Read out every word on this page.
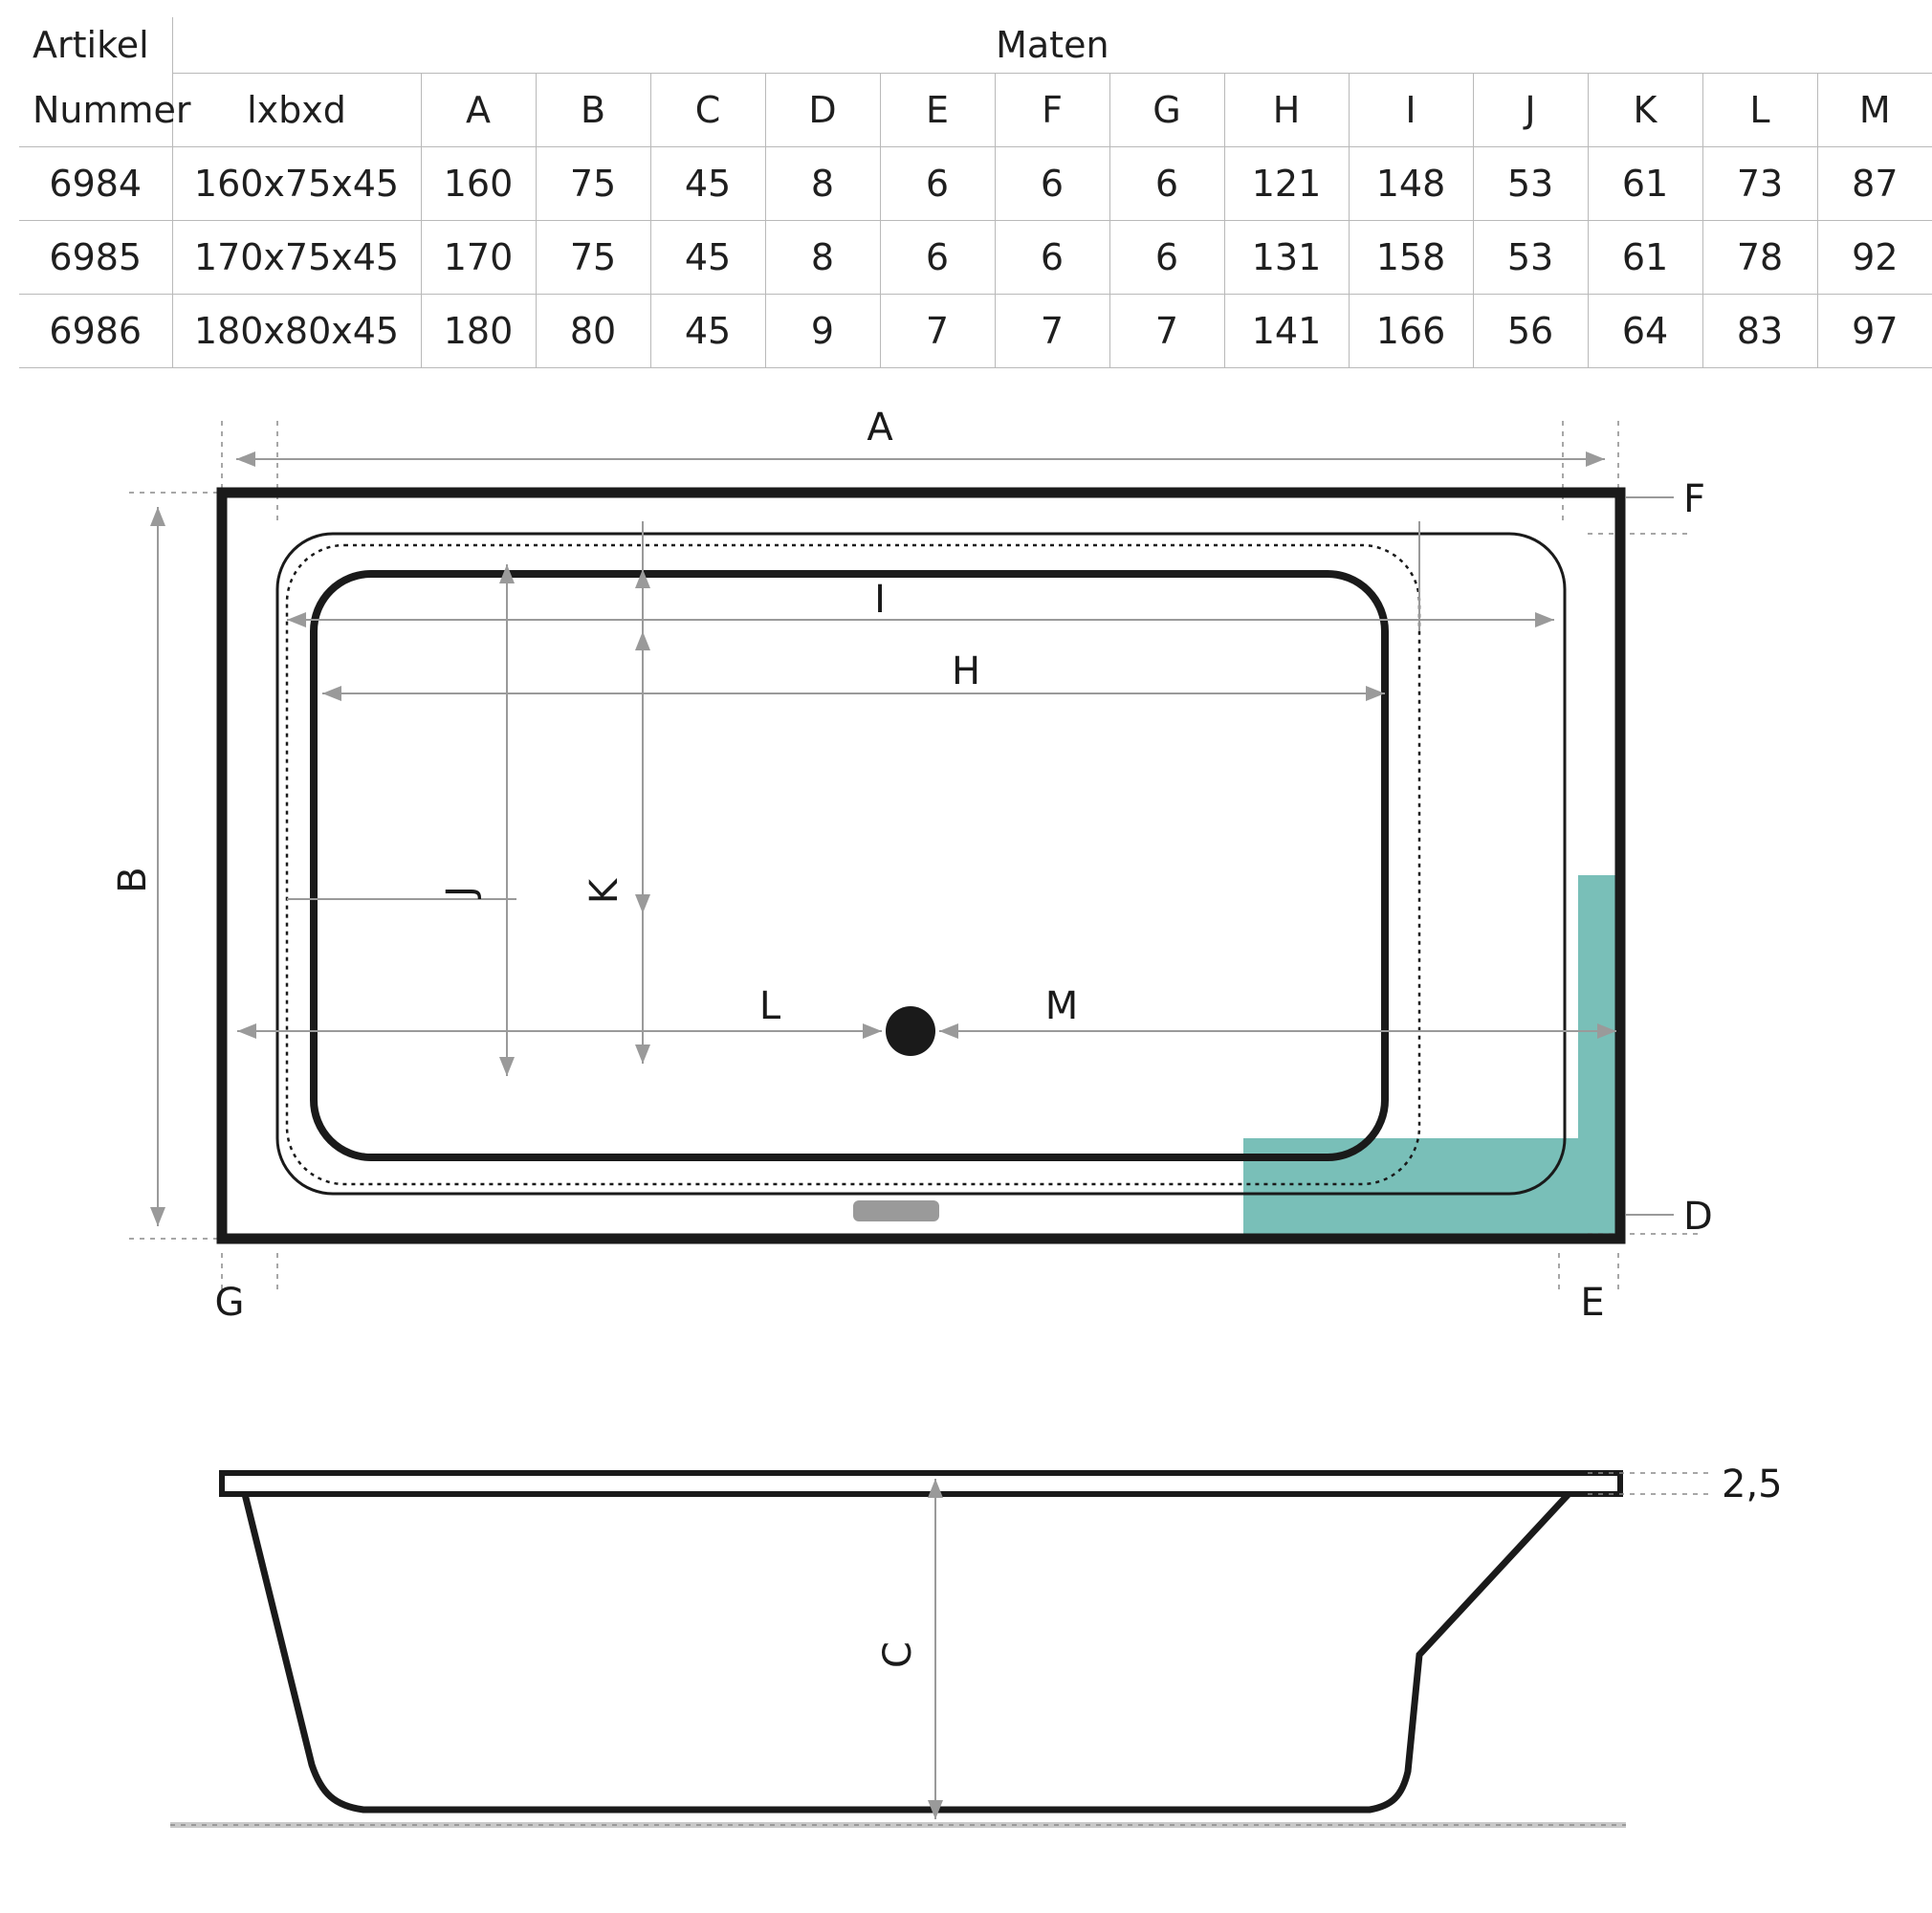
Artikel	Maten													
Nummer	lxbxd	A	B	C	D	E	F	G	H	I	J	K	L	M
6984	160x75x45	160	75	45	8	6	6	6	121	148	53	61	73	87
6985	170x75x45	170	75	45	8	6	6	6	131	158	53	61	78	92
6986	180x80x45	180	80	45	9	7	7	7	141	166	56	64	83	97
A
B
I
H
J	K
L	M
F
D
G	E
2,5
C
